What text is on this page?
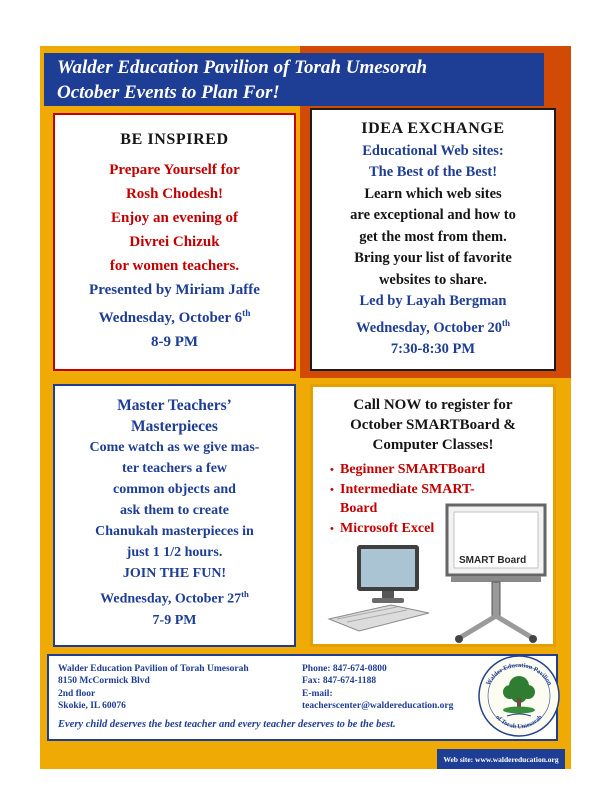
Walder Education Pavilion of Torah Umesorah
October Events to Plan For!
BE INSPIRED
Prepare Yourself for
Rosh Chodesh!
Enjoy an evening of
Divrei Chizuk
for women teachers.
Presented by Miriam Jaffe
Wednesday, October 6th
8-9 PM
IDEA EXCHANGE
Educational Web sites:
The Best of the Best!
Learn which web sites
are exceptional and how to
get the most from them.
Bring your list of favorite
websites to share.
Led by Layah Bergman
Wednesday, October 20th
7:30-8:30 PM
Master Teachers’
Masterpieces
Come watch as we give mas-
ter teachers a few
common objects and
ask them to create
Chanukah masterpieces in
just 1 1/2 hours.
JOIN THE FUN!
Wednesday, October 27th
7-9 PM
Call NOW to register for
October SMARTBoard &
Computer Classes!
• Beginner SMARTBoard
• Intermediate SMART-Board
• Microsoft Excel
SMART Board
Walder Education Pavilion of Torah Umesorah
8150 McCormick Blvd
2nd floor
Skokie, IL 60076
Phone: 847-674-0800
Fax: 847-674-1188
E-mail:
teacherscenter@waldereducation.org
Every child deserves the best teacher and every teacher deserves to be the best.
Walder Education Pavilion
of Torah Umesorah
Web site: www.waldereducation.org
